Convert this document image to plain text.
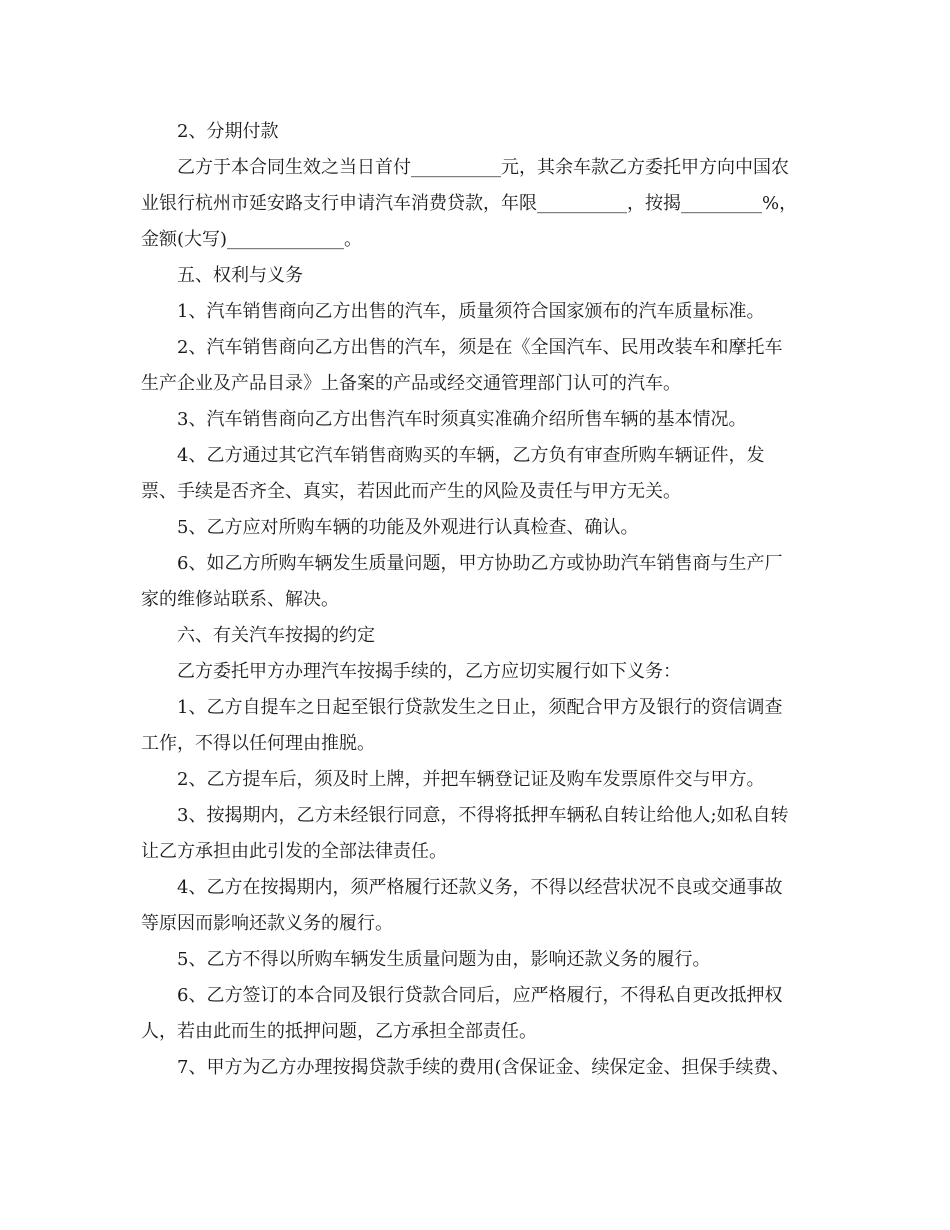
2、分期付款

乙方于本合同生效之当日首付__________元，其余车款乙方委托甲方向中国农
业银行杭州市延安路支行申请汽车消费贷款，年限__________，按揭_________%，
金额(大写)_____________。

五、权利与义务

1、汽车销售商向乙方出售的汽车，质量须符合国家颁布的汽车质量标准。

2、汽车销售商向乙方出售的汽车，须是在《全国汽车、民用改装车和摩托车
生产企业及产品目录》上备案的产品或经交通管理部门认可的汽车。

3、汽车销售商向乙方出售汽车时须真实准确介绍所售车辆的基本情况。

4、乙方通过其它汽车销售商购买的车辆，乙方负有审查所购车辆证件，发
票、手续是否齐全、真实，若因此而产生的风险及责任与甲方无关。

5、乙方应对所购车辆的功能及外观进行认真检查、确认。

6、如乙方所购车辆发生质量问题，甲方协助乙方或协助汽车销售商与生产厂
家的维修站联系、解决。

六、有关汽车按揭的约定

乙方委托甲方办理汽车按揭手续的，乙方应切实履行如下义务：

1、乙方自提车之日起至银行贷款发生之日止，须配合甲方及银行的资信调查
工作，不得以任何理由推脱。

2、乙方提车后，须及时上牌，并把车辆登记证及购车发票原件交与甲方。

3、按揭期内，乙方未经银行同意，不得将抵押车辆私自转让给他人;如私自转
让乙方承担由此引发的全部法律责任。

4、乙方在按揭期内，须严格履行还款义务，不得以经营状况不良或交通事故
等原因而影响还款义务的履行。

5、乙方不得以所购车辆发生质量问题为由，影响还款义务的履行。

6、乙方签订的本合同及银行贷款合同后，应严格履行，不得私自更改抵押权
人，若由此而生的抵押问题，乙方承担全部责任。

7、甲方为乙方办理按揭贷款手续的费用(含保证金、续保定金、担保手续费、
